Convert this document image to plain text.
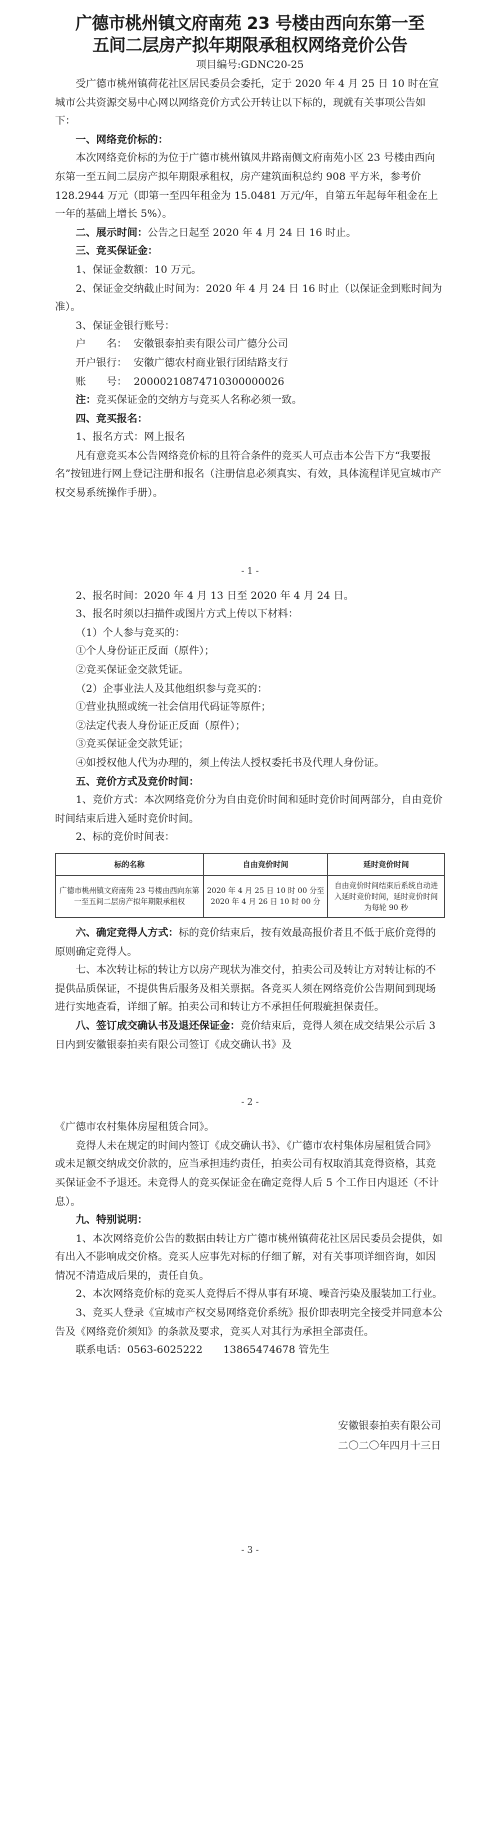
广德市桃州镇文府南苑 23 号楼由西向东第一至
五间二层房产拟年期限承租权网络竞价公告
项目编号:GDNC20-25

受广德市桃州镇荷花社区居民委员会委托，定于 2020 年 4 月 25 日 10 时在宣城市公共资源交易中心网以网络竞价方式公开转让以下标的，现就有关事项公告如下：

一、网络竞价标的：

本次网络竞价标的为位于广德市桃州镇凤井路南侧文府南苑小区 23 号楼由西向东第一至五间二层房产拟年期限承租权，房产建筑面积总约 908 平方米，参考价 128.2944 万元（即第一至四年租金为 15.0481 万元/年，自第五年起每年租金在上一年的基础上增长 5%）。

二、展示时间：公告之日起至 2020 年 4 月 24 日 16 时止。

三、竞买保证金：

1、保证金数额：10 万元。

2、保证金交纳截止时间为：2020 年 4 月 24 日 16 时止（以保证金到账时间为准）。

3、保证金银行账号：

户　　名： 安徽银泰拍卖有限公司广德分公司
开户银行： 安徽广德农村商业银行团结路支行
账　　号： 20000210874710300000026

注：竞买保证金的交纳方与竞买人名称必须一致。

四、竞买报名：

1、报名方式：网上报名

凡有意竞买本公告网络竞价标的且符合条件的竞买人可点击本公告下方“我要报名”按钮进行网上登记注册和报名（注册信息必须真实、有效，具体流程详见宣城市产权交易系统操作手册）。

- 1 -

2、报名时间：2020 年 4 月 13 日至 2020 年 4 月 24 日。

3、报名时须以扫描件或图片方式上传以下材料：

（1）个人参与竞买的：

①个人身份证正反面（原件）；

②竞买保证金交款凭证。

（2）企事业法人及其他组织参与竞买的：

①营业执照或统一社会信用代码证等原件；

②法定代表人身份证正反面（原件）；

③竞买保证金交款凭证；

④如授权他人代为办理的，须上传法人授权委托书及代理人身份证。

五、竞价方式及竞价时间：

1、竞价方式：本次网络竞价分为自由竞价时间和延时竞价时间两部分，自由竞价时间结束后进入延时竞价时间。

2、标的竞价时间表：

标的名称	自由竞价时间	延时竞价时间
广德市桃州镇文府南苑 23 号楼由西向东第一至五间二层房产拟年期限承租权	2020 年 4 月 25 日 10 时 00 分至 2020 年 4 月 26 日 10 时 00 分	自由竞价时间结束后系统自动进入延时竞价时间，延时竞价时间为每轮 90 秒

六、确定竞得人方式：标的竞价结束后，按有效最高报价者且不低于底价竞得的原则确定竞得人。

七、本次转让标的转让方以房产现状为准交付，拍卖公司及转让方对转让标的不提供品质保证，不提供售后服务及相关票据。各竞买人须在网络竞价公告期间到现场进行实地查看，详细了解。拍卖公司和转让方不承担任何瑕疵担保责任。

八、签订成交确认书及退还保证金：竞价结束后，竞得人须在成交结果公示后 3 日内到安徽银泰拍卖有限公司签订《成交确认书》及

- 2 -

《广德市农村集体房屋租赁合同》。

竞得人未在规定的时间内签订《成交确认书》、《广德市农村集体房屋租赁合同》或未足额交纳成交价款的，应当承担违约责任，拍卖公司有权取消其竞得资格，其竞买保证金不予退还。未竞得人的竞买保证金在确定竞得人后 5 个工作日内退还（不计息）。

九、特别说明：

1、本次网络竞价公告的数据由转让方广德市桃州镇荷花社区居民委员会提供，如有出入不影响成交价格。竞买人应事先对标的仔细了解，对有关事项详细咨询，如因情况不清造成后果的，责任自负。

2、本次网络竞价标的竞买人竞得后不得从事有环境、噪音污染及服装加工行业。

3、竞买人登录《宣城市产权交易网络竞价系统》报价即表明完全接受并同意本公告及《网络竞价须知》的条款及要求，竞买人对其行为承担全部责任。

联系电话：0563-6025222　　13865474678 管先生

安徽银泰拍卖有限公司
二〇二〇年四月十三日
- 3 -
